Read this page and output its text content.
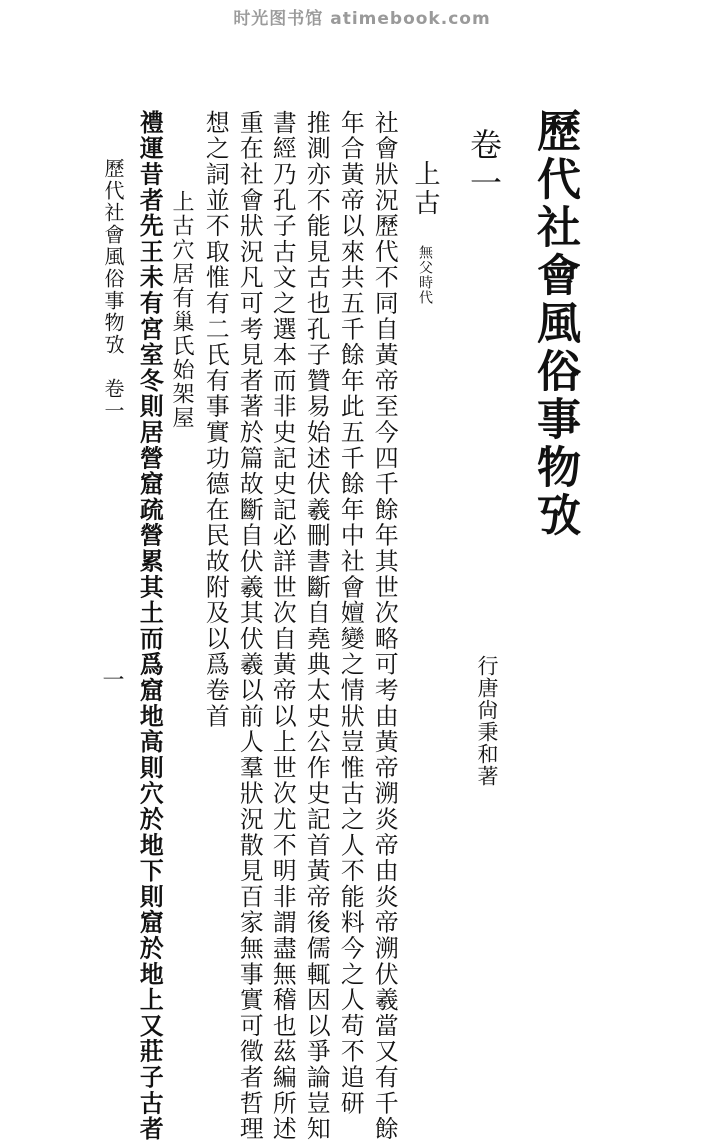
时光图书馆 atimebook.com
歷代社會風俗事物攷
卷一
行唐尙秉和著
上古 無父時代
社會狀況歷代不同自黃帝至今四千餘年其世次略可考由黃帝溯炎帝由炎帝溯伏羲當又有千餘
年合黃帝以來共五千餘年此五千餘年中社會嬗變之情狀豈惟古之人不能料今之人苟不追研
推測亦不能見古也孔子贊易始述伏羲刪書斷自堯典太史公作史記首黃帝後儒輒因以爭論豈知
書經乃孔子古文之選本而非史記史記必詳世次自黃帝以上世次尤不明非謂盡無稽也茲編所述
重在社會狀況凡可考見者著於篇故斷自伏羲其伏羲以前人羣狀況散見百家無事實可徵者哲理
想之詞並不取惟有二氏有事實功德在民故附及以爲卷首
上古穴居有巢氏始架屋
禮運昔者先王未有宮室冬則居營窟疏營累其土而爲窟地高則穴於地下則窟於地上又莊子古者
歷代社會風俗事物攷　卷一
一
